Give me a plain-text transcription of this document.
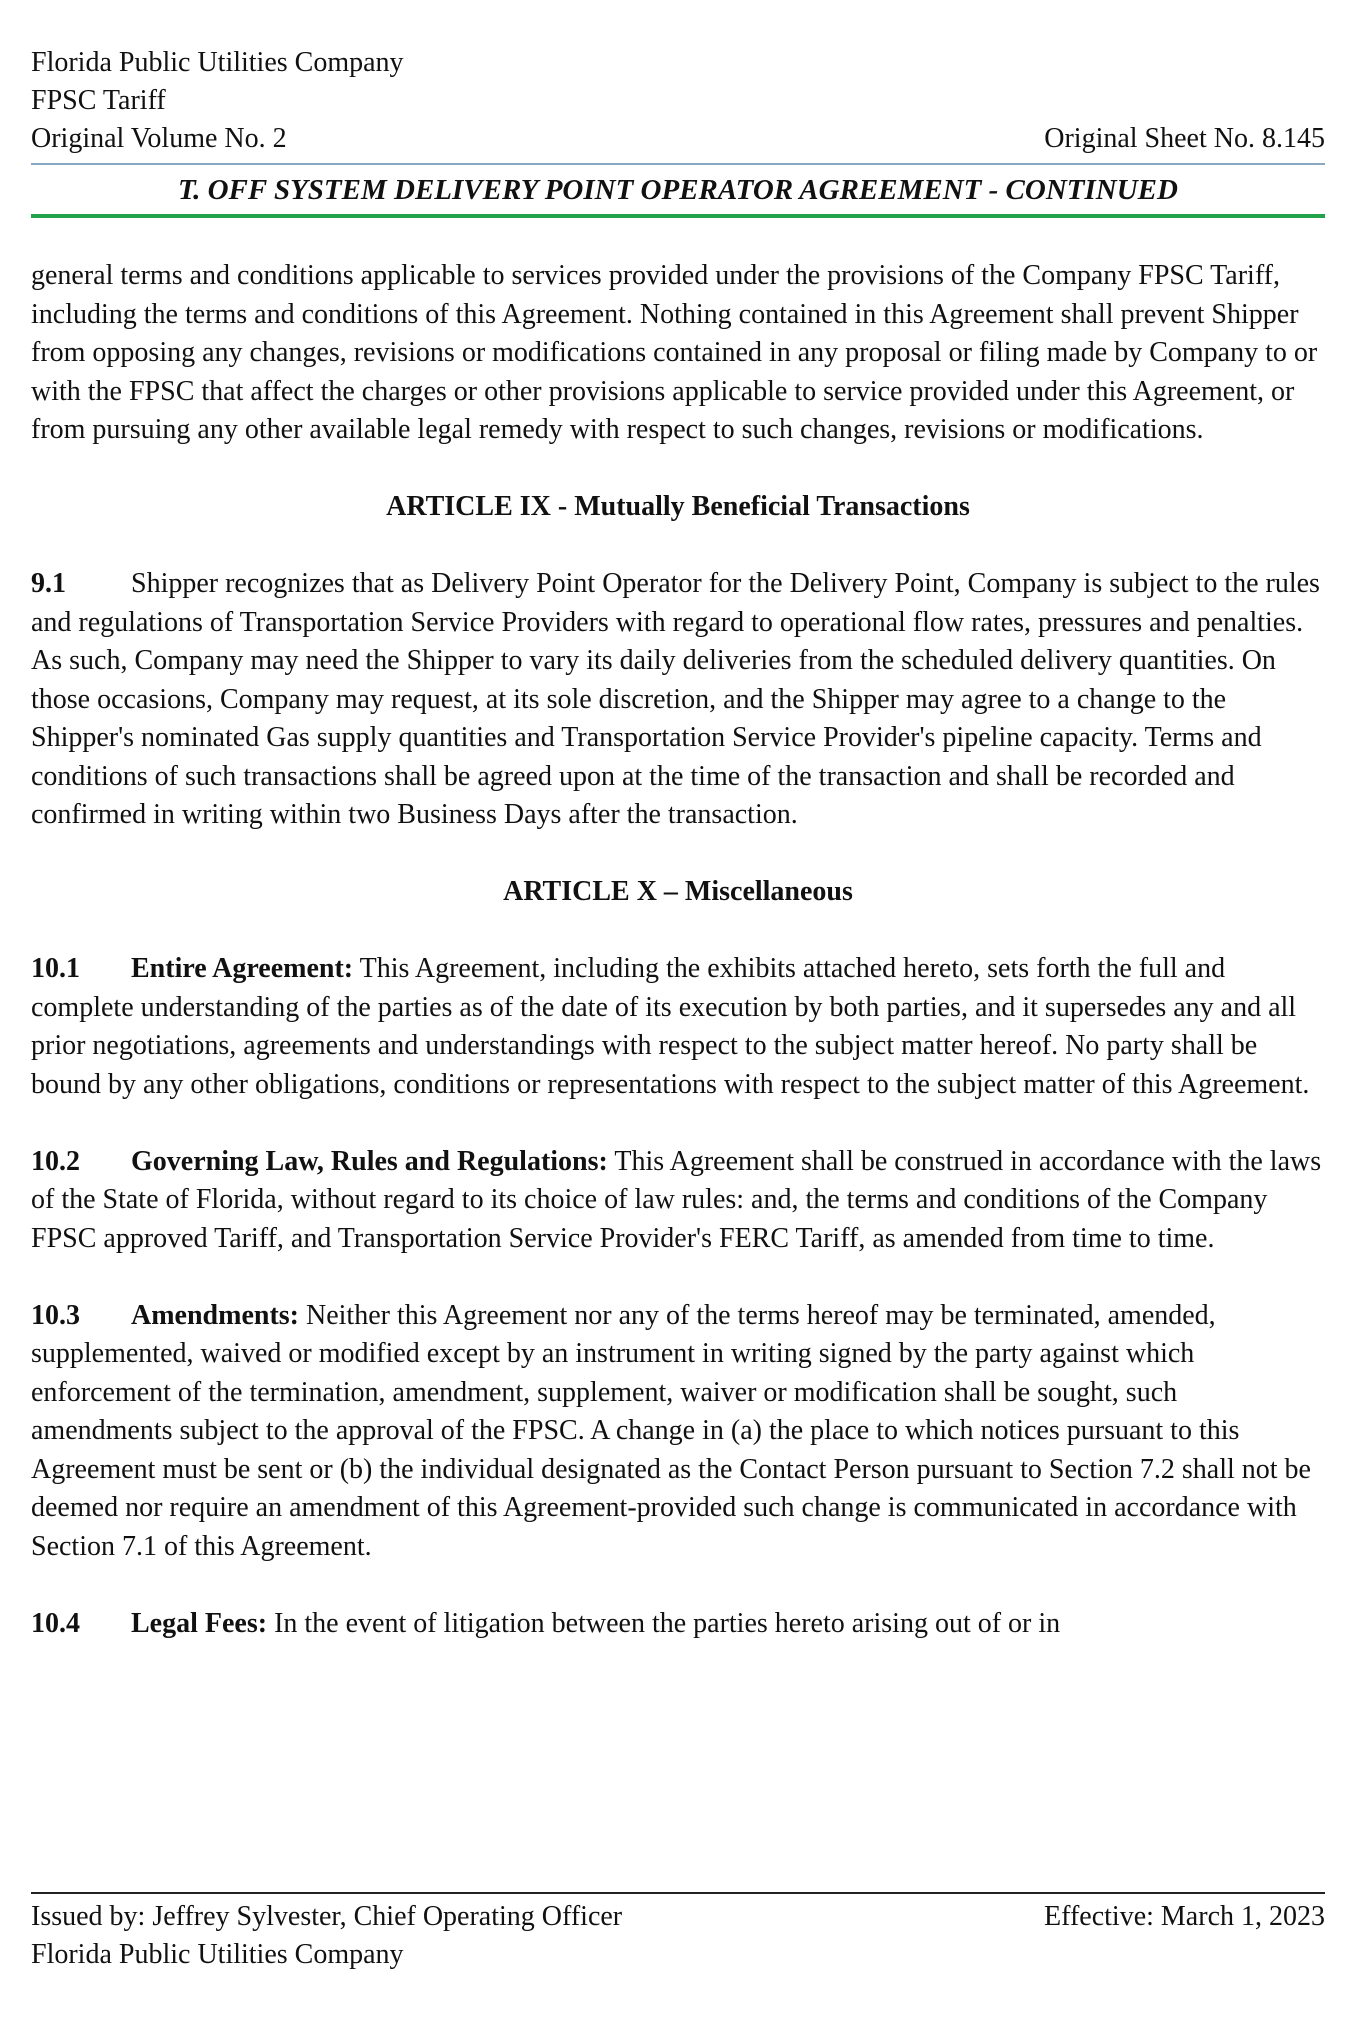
Florida Public Utilities Company
FPSC Tariff
Original Volume No. 2	Original Sheet No. 8.145
T. OFF SYSTEM DELIVERY POINT OPERATOR AGREEMENT - CONTINUED

general terms and conditions applicable to services provided under the provisions of the Company FPSC Tariff, including the terms and conditions of this Agreement. Nothing contained in this Agreement shall prevent Shipper from opposing any changes, revisions or modifications contained in any proposal or filing made by Company to or with the FPSC that affect the charges or other provisions applicable to service provided under this Agreement, or from pursuing any other available legal remedy with respect to such changes, revisions or modifications.

ARTICLE IX - Mutually Beneficial Transactions

9.1 Shipper recognizes that as Delivery Point Operator for the Delivery Point, Company is subject to the rules and regulations of Transportation Service Providers with regard to operational flow rates, pressures and penalties. As such, Company may need the Shipper to vary its daily deliveries from the scheduled delivery quantities. On those occasions, Company may request, at its sole discretion, and the Shipper may agree to a change to the Shipper's nominated Gas supply quantities and Transportation Service Provider's pipeline capacity. Terms and conditions of such transactions shall be agreed upon at the time of the transaction and shall be recorded and confirmed in writing within two Business Days after the transaction.

ARTICLE X – Miscellaneous

10.1 Entire Agreement: This Agreement, including the exhibits attached hereto, sets forth the full and complete understanding of the parties as of the date of its execution by both parties, and it supersedes any and all prior negotiations, agreements and understandings with respect to the subject matter hereof. No party shall be bound by any other obligations, conditions or representations with respect to the subject matter of this Agreement.

10.2 Governing Law, Rules and Regulations: This Agreement shall be construed in accordance with the laws of the State of Florida, without regard to its choice of law rules: and, the terms and conditions of the Company FPSC approved Tariff, and Transportation Service Provider's FERC Tariff, as amended from time to time.

10.3 Amendments: Neither this Agreement nor any of the terms hereof may be terminated, amended, supplemented, waived or modified except by an instrument in writing signed by the party against which enforcement of the termination, amendment, supplement, waiver or modification shall be sought, such amendments subject to the approval of the FPSC. A change in (a) the place to which notices pursuant to this Agreement must be sent or (b) the individual designated as the Contact Person pursuant to Section 7.2 shall not be deemed nor require an amendment of this Agreement-provided such change is communicated in accordance with Section 7.1 of this Agreement.

10.4 Legal Fees: In the event of litigation between the parties hereto arising out of or in

Issued by: Jeffrey Sylvester, Chief Operating Officer	Effective: March 1, 2023
Florida Public Utilities Company
